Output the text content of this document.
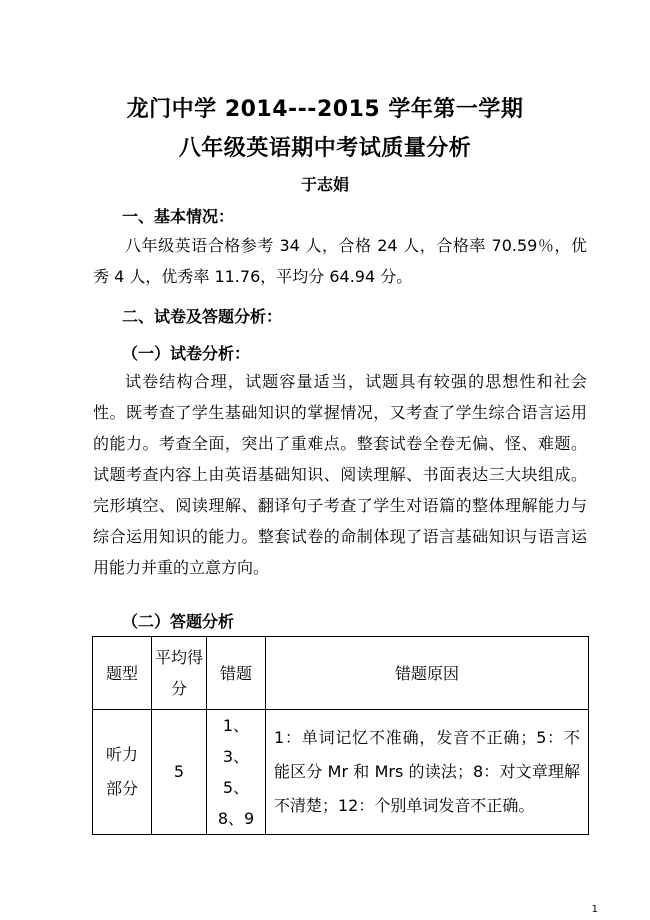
龙门中学 2014---2015 学年第一学期
八年级英语期中考试质量分析
于志娟
一、基本情况：
八年级英语合格参考 34 人，合格 24 人，合格率 70.59％，优秀 4 人，优秀率 11.76，平均分 64.94 分。
二、试卷及答题分析：
（一）试卷分析：
试卷结构合理，试题容量适当，试题具有较强的思想性和社会性。既考查了学生基础知识的掌握情况，又考查了学生综合语言运用的能力。考查全面，突出了重难点。整套试卷全卷无偏、怪、难题。试题考查内容上由英语基础知识、阅读理解、书面表达三大块组成。完形填空、阅读理解、翻译句子考查了学生对语篇的整体理解能力与综合运用知识的能力。整套试卷的命制体现了语言基础知识与语言运用能力并重的立意方向。
（二）答题分析
题型	平均得分	错题	错题原因
听力部分	5	1、3、5、8、9	1：单词记忆不准确，发音不正确；5：不能区分 Mr 和 Mrs 的读法；8：对文章理解不清楚；12：个别单词发音不正确。
1
